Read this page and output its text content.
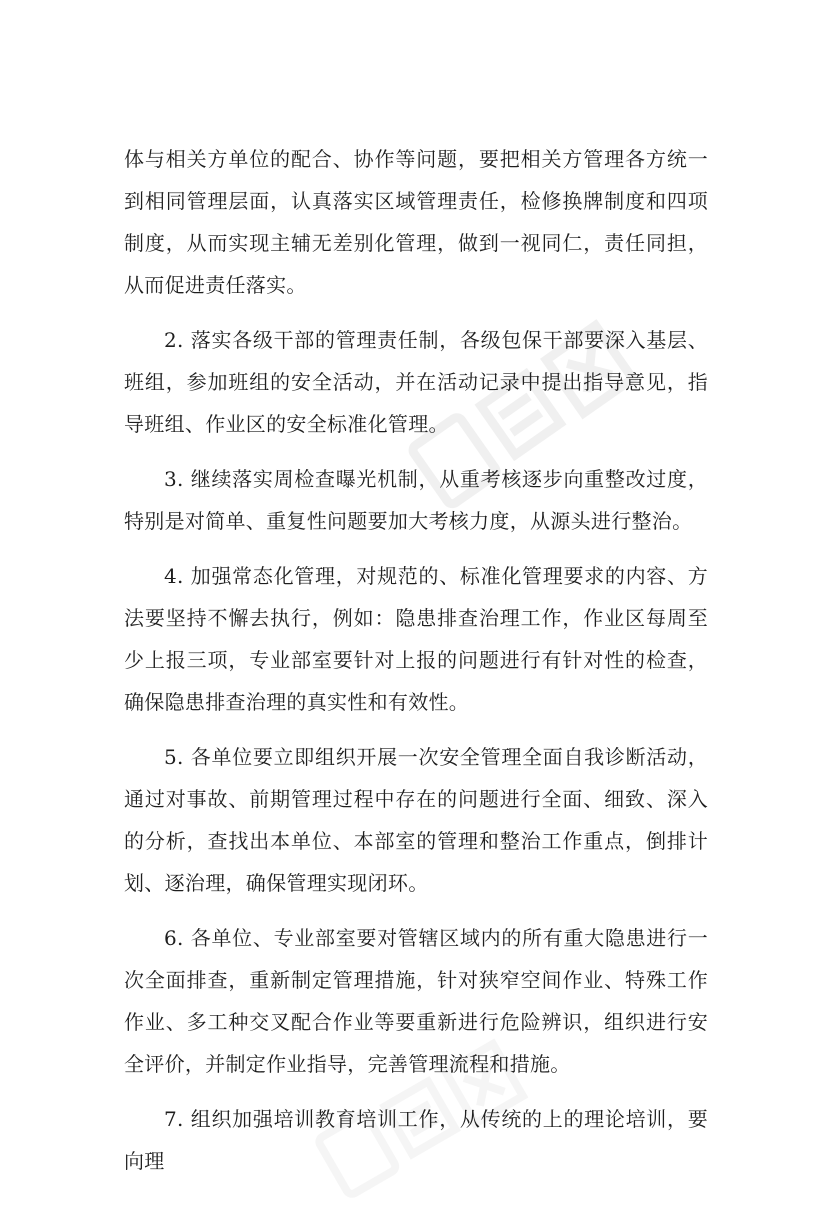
体与相关方单位的配合、协作等问题，要把相关方管理各方统一到相同管理层面，认真落实区域管理责任，检修换牌制度和四项制度，从而实现主辅无差别化管理，做到一视同仁，责任同担，从而促进责任落实。

2. 落实各级干部的管理责任制，各级包保干部要深入基层、班组，参加班组的安全活动，并在活动记录中提出指导意见，指导班组、作业区的安全标准化管理。

3. 继续落实周检查曝光机制，从重考核逐步向重整改过度，特别是对简单、重复性问题要加大考核力度，从源头进行整治。

4. 加强常态化管理，对规范的、标准化管理要求的内容、方法要坚持不懈去执行，例如：隐患排查治理工作，作业区每周至少上报三项，专业部室要针对上报的问题进行有针对性的检查，确保隐患排查治理的真实性和有效性。

5. 各单位要立即组织开展一次安全管理全面自我诊断活动，通过对事故、前期管理过程中存在的问题进行全面、细致、深入的分析，查找出本单位、本部室的管理和整治工作重点，倒排计划、逐治理，确保管理实现闭环。

6. 各单位、专业部室要对管辖区域内的所有重大隐患进行一次全面排查，重新制定管理措施，针对狭窄空间作业、特殊工作作业、多工种交叉配合作业等要重新进行危险辨识，组织进行安全评价，并制定作业指导，完善管理流程和措施。

7. 组织加强培训教育培训工作，从传统的上的理论培训，要向理
